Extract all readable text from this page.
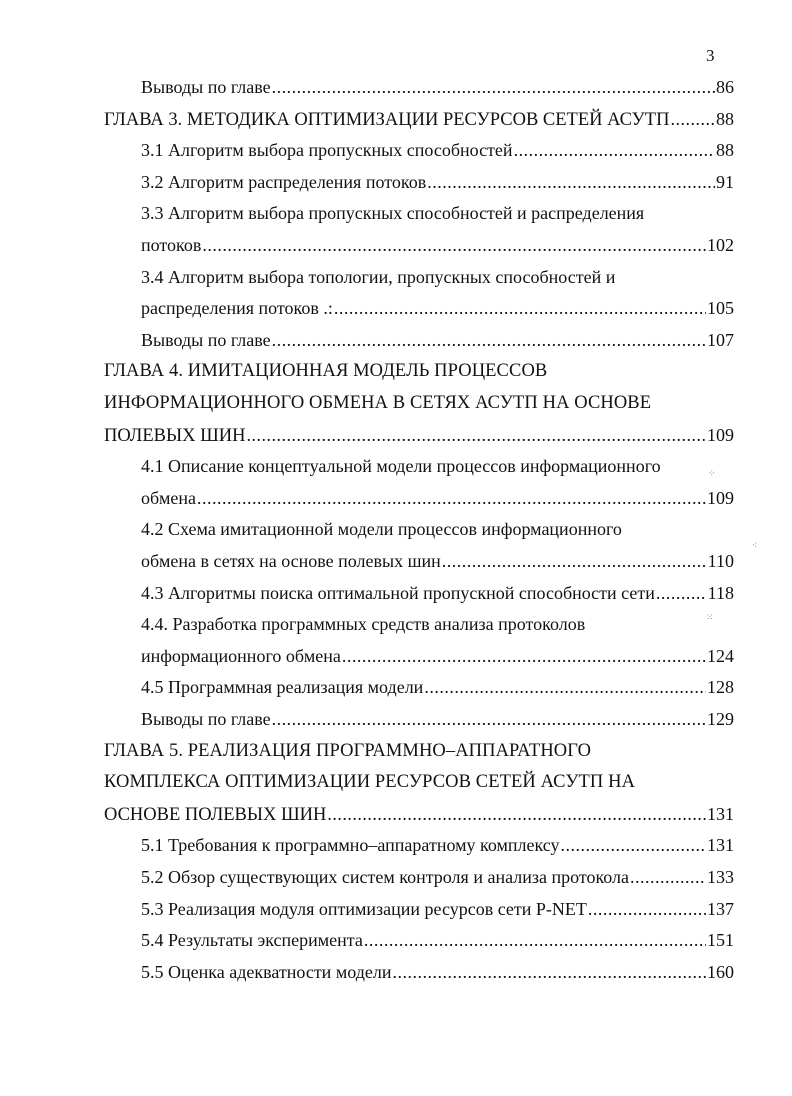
3
Выводы по главе .....	86
ГЛАВА 3. МЕТОДИКА ОПТИМИЗАЦИИ РЕСУРСОВ СЕТЕЙ АСУТП .....	88
3.1 Алгоритм выбора пропускных способностей .....	88
3.2 Алгоритм распределения потоков .....	91
3.3 Алгоритм выбора пропускных способностей и распределения
потоков .....	102
3.4 Алгоритм выбора топологии, пропускных способностей и
распределения потоков .: .....	105
Выводы по главе .....	107
ГЛАВА 4. ИМИТАЦИОННАЯ МОДЕЛЬ ПРОЦЕССОВ
ИНФОРМАЦИОННОГО ОБМЕНА В СЕТЯХ АСУТП НА ОСНОВЕ
ПОЛЕВЫХ ШИН .....	109
4.1 Описание концептуальной модели процессов информационного
обмена .....	109
4.2 Схема имитационной модели процессов информационного
обмена в сетях на основе полевых шин .....	110
4.3 Алгоритмы поиска оптимальной пропускной способности сети .....	118
4.4. Разработка программных средств анализа протоколов
информационного обмена .....	124
4.5 Программная реализация модели .....	128
Выводы по главе .....	129
ГЛАВА 5. РЕАЛИЗАЦИЯ ПРОГРАММНО–АППАРАТНОГО
КОМПЛЕКСА ОПТИМИЗАЦИИ РЕСУРСОВ СЕТЕЙ АСУТП НА
ОСНОВЕ ПОЛЕВЫХ ШИН .....	131
5.1 Требования к программно–аппаратному комплексу .....	131
5.2 Обзор существующих систем контроля и анализа протокола .....	133
5.3 Реализация модуля оптимизации ресурсов сети P-NET .....	137
5.4 Результаты эксперимента .....	151
5.5 Оценка адекватности модели .....	160
⁘
⁖
⁙
